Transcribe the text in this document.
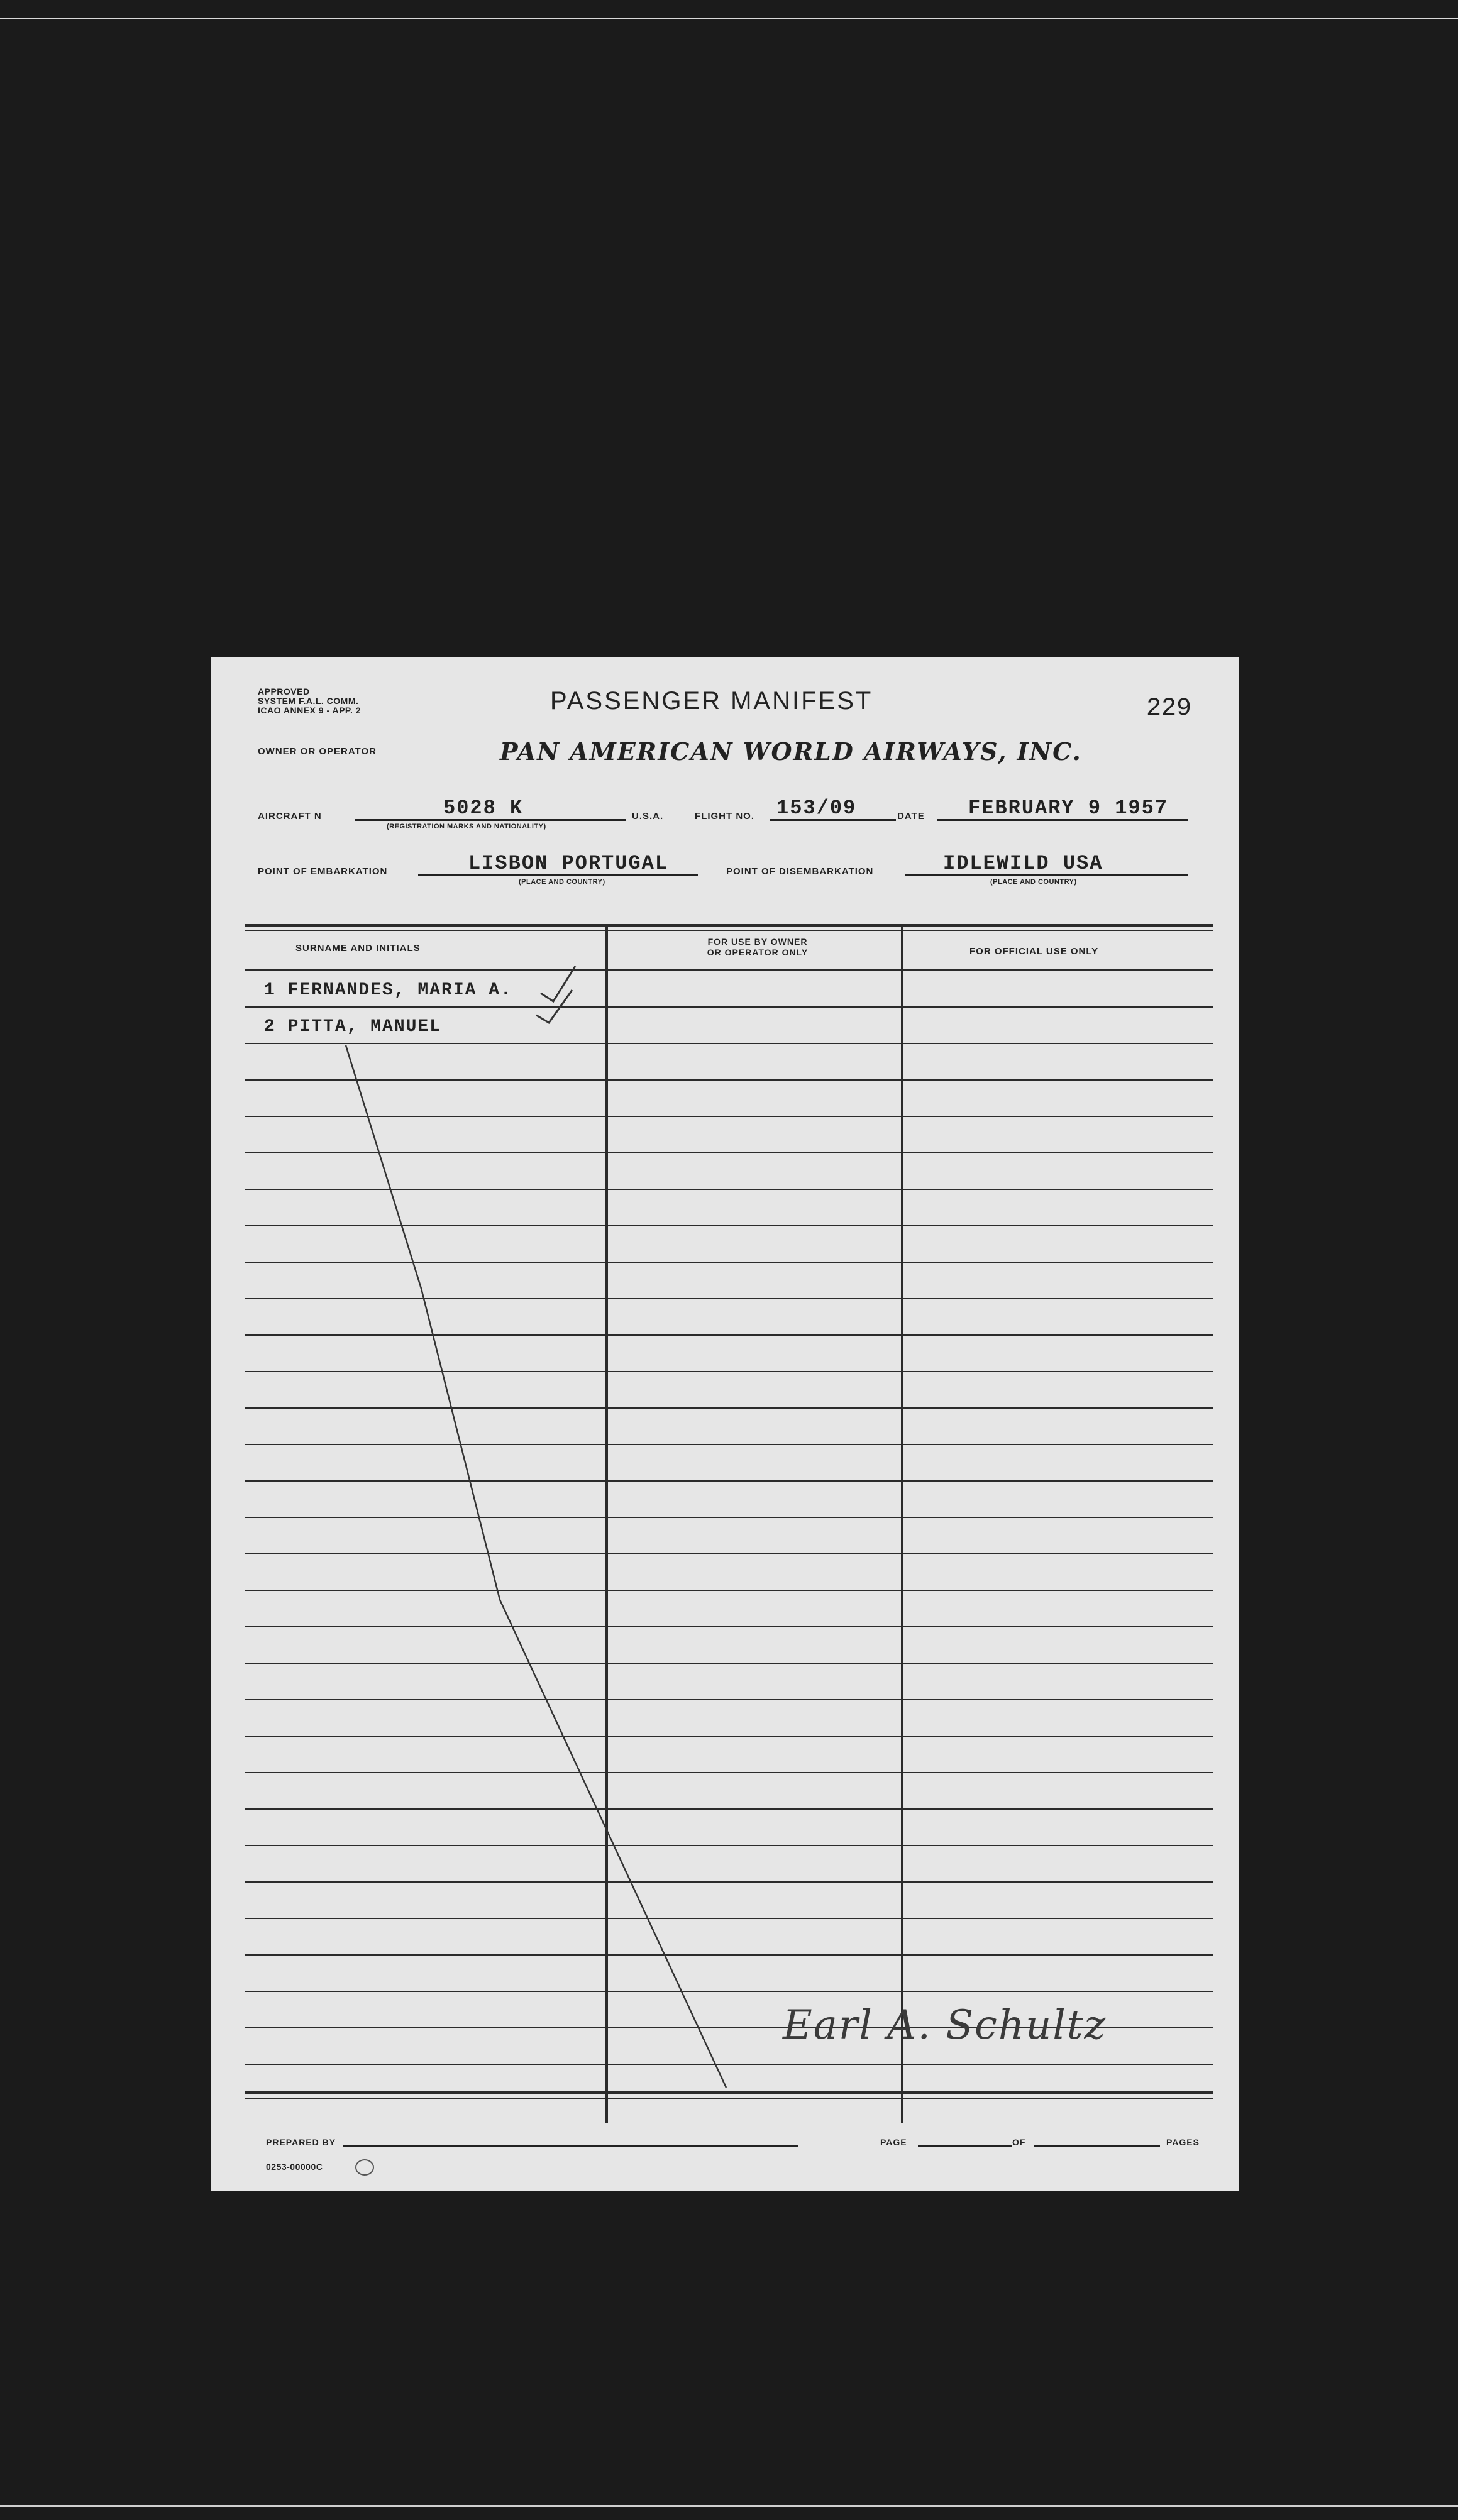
APPROVED
SYSTEM F.A.L. COMM.
ICAO ANNEX 9 - APP. 2	PASSENGER MANIFEST	229
OWNER OR OPERATOR	PAN AMERICAN WORLD AIRWAYS, INC.
AIRCRAFT N	5028 K
(REGISTRATION MARKS AND NATIONALITY)
U.S.A.	FLIGHT NO. 153/09	DATE FEBRUARY 9 1957
POINT OF EMBARKATION	LISBON PORTUGAL
(PLACE AND COUNTRY)
POINT OF DISEMBARKATION	IDLEWILD USA
(PLACE AND COUNTRY)
SURNAME AND INITIALS
FOR USE BY OWNER
OR OPERATOR ONLY	FOR OFFICIAL USE ONLY
1 FERNANDES, MARIA A.
2 PITTA, MANUEL
Earl A. Schultz
PREPARED BY	PAGE	OF	PAGES
0253-00000C
